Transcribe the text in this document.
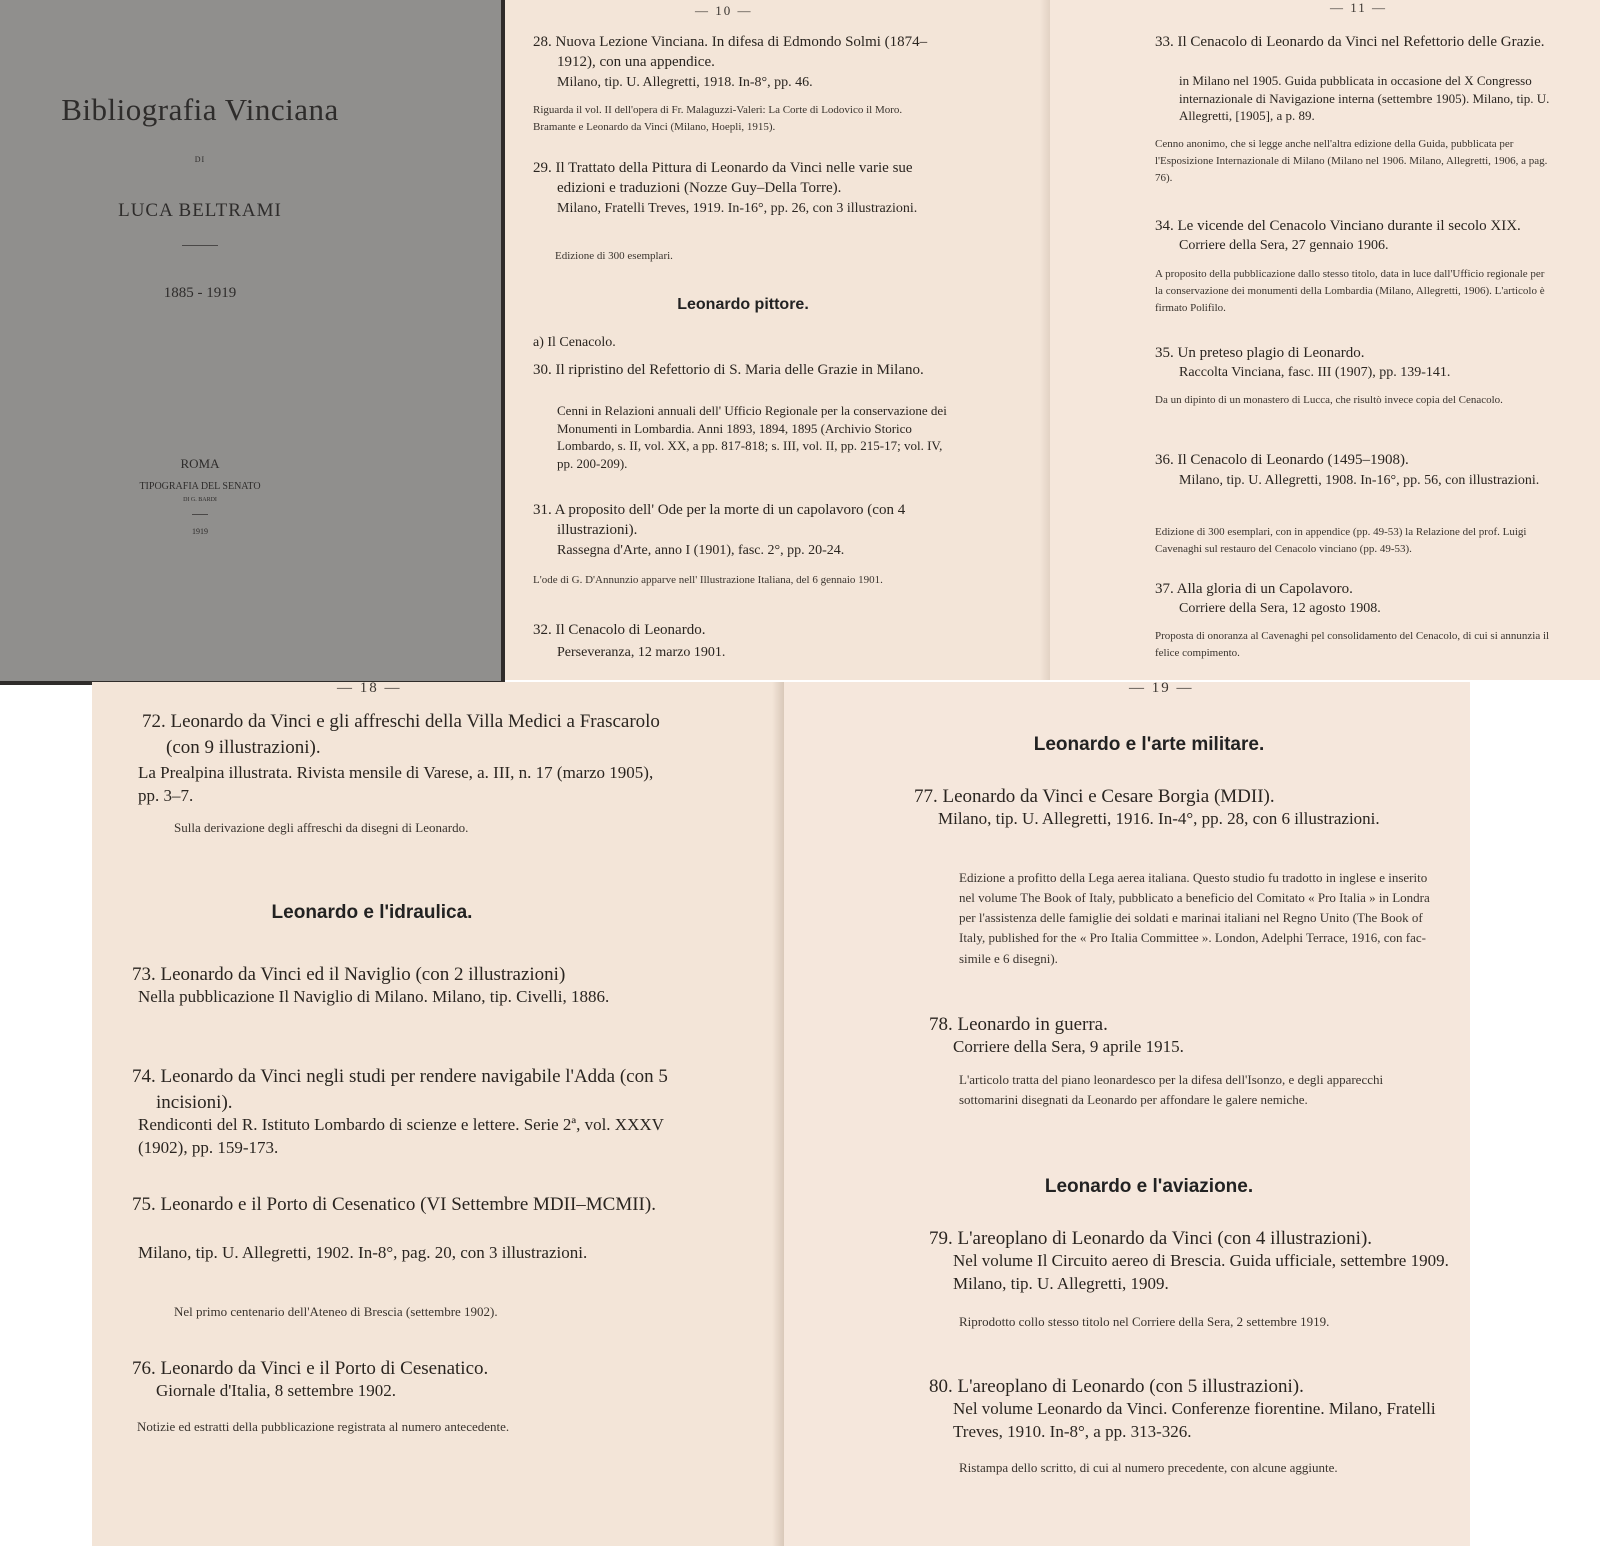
Bibliografia Vinciana
DI
LUCA BELTRAMI
1885 - 1919
ROMA
TIPOGRAFIA DEL SENATO
DI G. BARDI
1919
— 10 —
28. Nuova Lezione Vinciana. In difesa di Edmondo Solmi (1874–1912), con una appendice.
Milano, tip. U. Allegretti, 1918. In-8°, pp. 46.
Riguarda il vol. II dell'opera di Fr. Malaguzzi-Valeri: La Corte di Lodovico il Moro. Bramante e Leonardo da Vinci (Milano, Hoepli, 1915).
29. Il Trattato della Pittura di Leonardo da Vinci nelle varie sue edizioni e traduzioni (Nozze Guy–Della Torre).
Milano, Fratelli Treves, 1919. In-16°, pp. 26, con 3 illustrazioni.
Edizione di 300 esemplari.
Leonardo pittore.
a) Il Cenacolo.
30. Il ripristino del Refettorio di S. Maria delle Grazie in Milano.
Cenni in Relazioni annuali dell' Ufficio Regionale per la conservazione dei Monumenti in Lombardia. Anni 1893, 1894, 1895 (Archivio Storico Lombardo, s. II, vol. XX, a pp. 817-818; s. III, vol. II, pp. 215-17; vol. IV, pp. 200-209).
31. A proposito dell' Ode per la morte di un capolavoro (con 4 illustrazioni).
Rassegna d'Arte, anno I (1901), fasc. 2°, pp. 20-24.
L'ode di G. D'Annunzio apparve nell' Illustrazione Italiana, del 6 gennaio 1901.
32. Il Cenacolo di Leonardo.
Perseveranza, 12 marzo 1901.
— 11 —
33. Il Cenacolo di Leonardo da Vinci nel Refettorio delle Grazie.
in Milano nel 1905. Guida pubblicata in occasione del X Congresso internazionale di Navigazione interna (settembre 1905). Milano, tip. U. Allegretti, [1905], a p. 89.
Cenno anonimo, che si legge anche nell'altra edizione della Guida, pubblicata per l'Esposizione Internazionale di Milano (Milano nel 1906. Milano, Allegretti, 1906, a pag. 76).
34. Le vicende del Cenacolo Vinciano durante il secolo XIX.
Corriere della Sera, 27 gennaio 1906.
A proposito della pubblicazione dallo stesso titolo, data in luce dall'Ufficio regionale per la conservazione dei monumenti della Lombardia (Milano, Allegretti, 1906). L'articolo è firmato Polifilo.
35. Un preteso plagio di Leonardo.
Raccolta Vinciana, fasc. III (1907), pp. 139-141.
Da un dipinto di un monastero di Lucca, che risultò invece copia del Cenacolo.
36. Il Cenacolo di Leonardo (1495–1908).
Milano, tip. U. Allegretti, 1908. In-16°, pp. 56, con illustrazioni.
Edizione di 300 esemplari, con in appendice (pp. 49-53) la Relazione del prof. Luigi Cavenaghi sul restauro del Cenacolo vinciano (pp. 49-53).
37. Alla gloria di un Capolavoro.
Corriere della Sera, 12 agosto 1908.
Proposta di onoranza al Cavenaghi pel consolidamento del Cenacolo, di cui si annunzia il felice compimento.
— 18 —
72. Leonardo da Vinci e gli affreschi della Villa Medici a Frascarolo (con 9 illustrazioni).
La Prealpina illustrata. Rivista mensile di Varese, a. III, n. 17 (marzo 1905), pp. 3–7.
Sulla derivazione degli affreschi da disegni di Leonardo.
Leonardo e l'idraulica.
73. Leonardo da Vinci ed il Naviglio (con 2 illustrazioni)
Nella pubblicazione Il Naviglio di Milano. Milano, tip. Civelli, 1886.
74. Leonardo da Vinci negli studi per rendere navigabile l'Adda (con 5 incisioni).
Rendiconti del R. Istituto Lombardo di scienze e lettere. Serie 2ª, vol. XXXV (1902), pp. 159-173.
75. Leonardo e il Porto di Cesenatico (VI Settembre MDII–MCMII).
Milano, tip. U. Allegretti, 1902. In-8°, pag. 20, con 3 illustrazioni.
Nel primo centenario dell'Ateneo di Brescia (settembre 1902).
76. Leonardo da Vinci e il Porto di Cesenatico.
Giornale d'Italia, 8 settembre 1902.
Notizie ed estratti della pubblicazione registrata al numero antecedente.
— 19 —
Leonardo e l'arte militare.
77. Leonardo da Vinci e Cesare Borgia (MDII).
Milano, tip. U. Allegretti, 1916. In-4°, pp. 28, con 6 illustrazioni.
Edizione a profitto della Lega aerea italiana. Questo studio fu tradotto in inglese e inserito nel volume The Book of Italy, pubblicato a beneficio del Comitato « Pro Italia » in Londra per l'assistenza delle famiglie dei soldati e marinai italiani nel Regno Unito (The Book of Italy, published for the « Pro Italia Committee ». London, Adelphi Terrace, 1916, con fac-simile e 6 disegni).
78. Leonardo in guerra.
Corriere della Sera, 9 aprile 1915.
L'articolo tratta del piano leonardesco per la difesa dell'Isonzo, e degli apparecchi sottomarini disegnati da Leonardo per affondare le galere nemiche.
Leonardo e l'aviazione.
79. L'areoplano di Leonardo da Vinci (con 4 illustrazioni).
Nel volume Il Circuito aereo di Brescia. Guida ufficiale, settembre 1909. Milano, tip. U. Allegretti, 1909.
Riprodotto collo stesso titolo nel Corriere della Sera, 2 settembre 1919.
80. L'areoplano di Leonardo (con 5 illustrazioni).
Nel volume Leonardo da Vinci. Conferenze fiorentine. Milano, Fratelli Treves, 1910. In-8°, a pp. 313-326.
Ristampa dello scritto, di cui al numero precedente, con alcune aggiunte.
